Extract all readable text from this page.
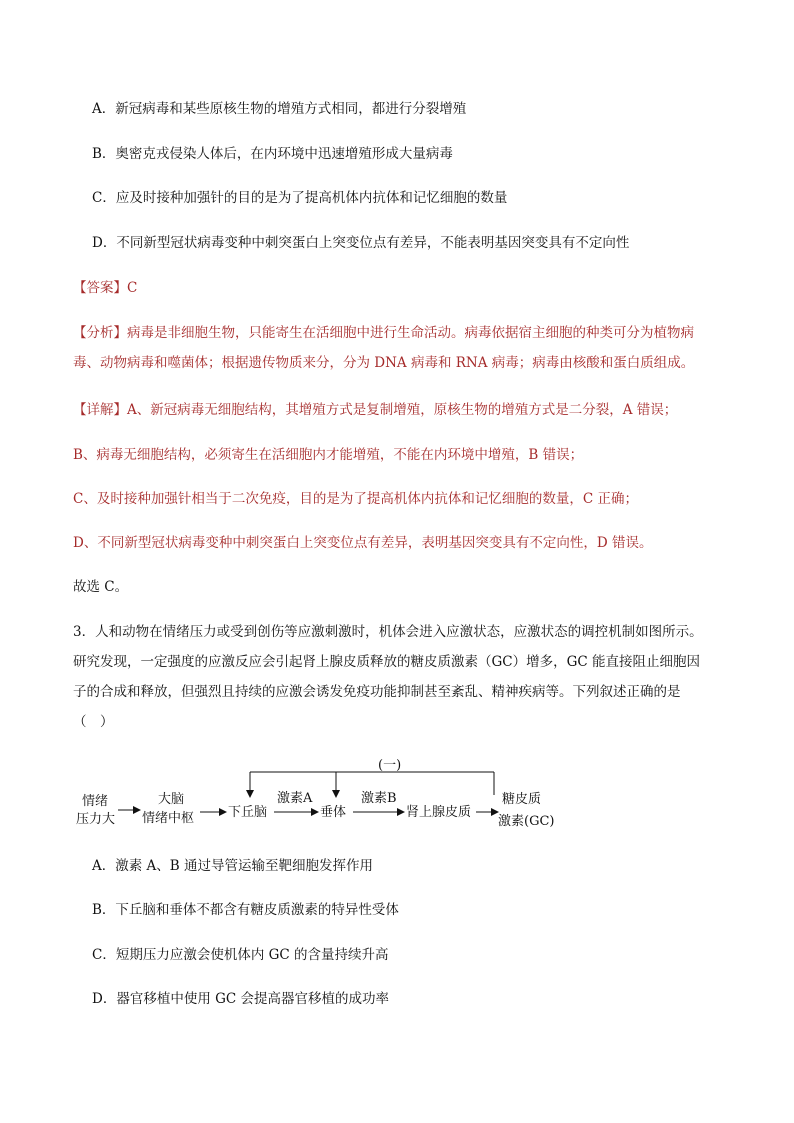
A．新冠病毒和某些原核生物的增殖方式相同，都进行分裂增殖
B．奥密克戎侵染人体后，在内环境中迅速增殖形成大量病毒
C．应及时接种加强针的目的是为了提高机体内抗体和记忆细胞的数量
D．不同新型冠状病毒变种中刺突蛋白上突变位点有差异，不能表明基因突变具有不定向性
【答案】C
【分析】病毒是非细胞生物，只能寄生在活细胞中进行生命活动。病毒依据宿主细胞的种类可分为植物病
毒、动物病毒和噬菌体；根据遗传物质来分，分为 DNA 病毒和 RNA 病毒；病毒由核酸和蛋白质组成。
【详解】A、新冠病毒无细胞结构，其增殖方式是复制增殖，原核生物的增殖方式是二分裂，A 错误；
B、病毒无细胞结构，必须寄生在活细胞内才能增殖，不能在内环境中增殖，B 错误；
C、及时接种加强针相当于二次免疫，目的是为了提高机体内抗体和记忆细胞的数量，C 正确；
D、不同新型冠状病毒变种中刺突蛋白上突变位点有差异，表明基因突变具有不定向性，D 错误。
故选 C。
3．人和动物在情绪压力或受到创伤等应激刺激时，机体会进入应激状态，应激状态的调控机制如图所示。
研究发现，一定强度的应激反应会引起肾上腺皮质释放的糖皮质激素（GC）增多，GC 能直接阻止细胞因
子的合成和释放，但强烈且持续的应激会诱发免疫功能抑制甚至紊乱、精神疾病等。下列叙述正确的是
（　）
(一)
情绪
压力大
大脑
情绪中枢	下丘脑
激素A
垂体
激素B
肾上腺皮质
糖皮质
激素(GC)
A．激素 A、B 通过导管运输至靶细胞发挥作用
B．下丘脑和垂体不都含有糖皮质激素的特异性受体
C．短期压力应激会使机体内 GC 的含量持续升高
D．器官移植中使用 GC 会提高器官移植的成功率
